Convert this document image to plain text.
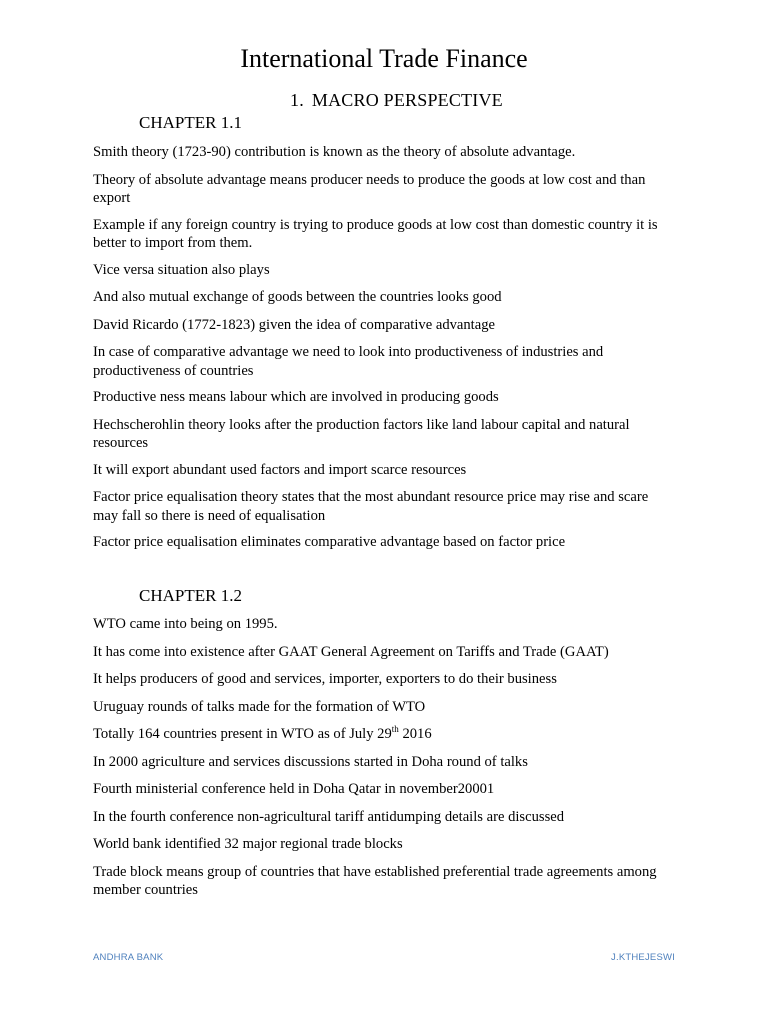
International Trade Finance
1. MACRO PERSPECTIVE
CHAPTER 1.1

Smith theory (1723-90) contribution is known as the theory of absolute advantage.

Theory of absolute advantage means producer needs to produce the goods at low cost and than export

Example if any foreign country is trying to produce goods at low cost than domestic country it is better to import from them.

Vice versa situation also plays

And also mutual exchange of goods between the countries looks good

David Ricardo (1772-1823) given the idea of comparative advantage

In case of comparative advantage we need to look into productiveness of industries and productiveness of countries

Productive ness means labour which are involved in producing goods

Hechscherohlin theory looks after the production factors like land labour capital and natural resources

It will export abundant used factors and import scarce resources

Factor price equalisation theory states that the most abundant resource price may rise and scare may fall so there is need of equalisation

Factor price equalisation eliminates comparative advantage based on factor price

CHAPTER 1.2

WTO came into being on 1995.

It has come into existence after GAAT General Agreement on Tariffs and Trade (GAAT)

It helps producers of good and services, importer, exporters to do their business

Uruguay rounds of talks made for the formation of WTO

Totally 164 countries present in WTO as of July 29th 2016

In 2000 agriculture and services discussions started in Doha round of talks

Fourth ministerial conference held in Doha Qatar in november20001

In the fourth conference non-agricultural tariff antidumping details are discussed

World bank identified 32 major regional trade blocks

Trade block means group of countries that have established preferential trade agreements among member countries

ANDHRA BANK	J.KTHEJESWI
